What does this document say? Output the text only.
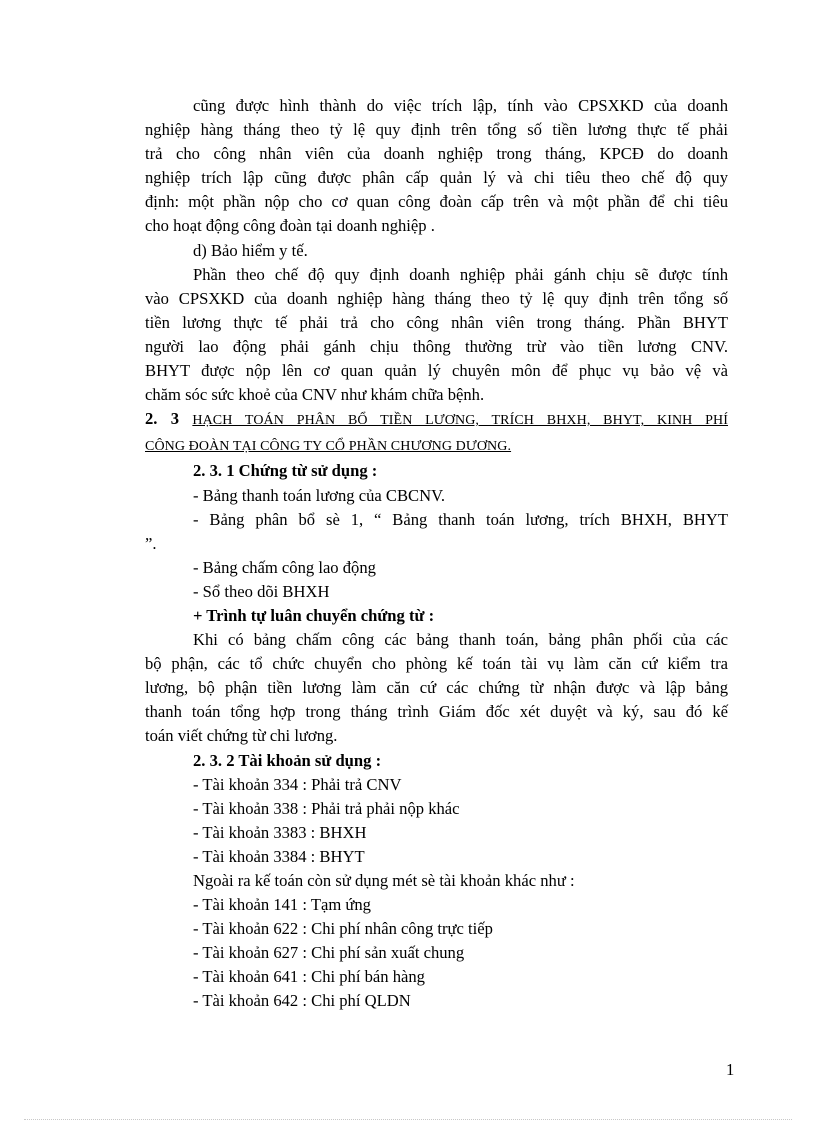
cũng được hình thành do việc trích lập, tính vào CPSXKD của doanh

nghiệp hàng tháng theo tỷ lệ quy định trên tổng số tiền lương thực tế phải

trả cho công nhân viên của doanh nghiệp trong tháng, KPCĐ do doanh

nghiệp trích lập cũng được phân cấp quản lý và chi tiêu theo chế độ quy

định: một phần nộp cho cơ quan công đoàn cấp trên và một phần để chi tiêu

cho hoạt động công đoàn tại doanh nghiệp .

d) Bảo hiểm y tế.

Phần theo chế độ quy định doanh nghiệp phải gánh chịu sẽ được tính

vào CPSXKD của doanh nghiệp hàng tháng theo tỷ lệ quy định trên tổng số

tiền lương thực tế phải trả cho công nhân viên trong tháng. Phần BHYT

người lao động phải gánh chịu thông thường trừ vào tiền lương CNV.

BHYT được nộp lên cơ quan quản lý chuyên môn để phục vụ bảo vệ và

chăm sóc sức khoẻ của CNV như khám chữa bệnh.

2. 3 HẠCH TOÁN PHÂN BỔ TIỀN LƯƠNG, TRÍCH BHXH, BHYT, KINH PHÍ

CÔNG ĐOÀN TẠI CÔNG TY CỔ PHẦN CHƯƠNG DƯƠNG.

2. 3. 1 Chứng từ sử dụng :

- Bảng thanh toán lương của CBCNV.

- Bảng phân bổ sè 1, “ Bảng thanh toán lương, trích BHXH, BHYT

”.

- Bảng chấm công lao động

- Sổ theo dõi BHXH

+ Trình tự luân chuyển chứng từ :

Khi có bảng chấm công các bảng thanh toán, bảng phân phối của các

bộ phận, các tổ chức chuyển cho phòng kế toán tài vụ làm căn cứ kiểm tra

lương, bộ phận tiền lương làm căn cứ các chứng từ nhận được và lập bảng

thanh toán tổng hợp trong tháng trình Giám đốc xét duyệt và ký, sau đó kế

toán viết chứng từ chi lương.

2. 3. 2 Tài khoản sử dụng :

- Tài khoản 334 : Phải trả CNV

- Tài khoản 338 : Phải trả phải nộp khác

- Tài khoản 3383 : BHXH

- Tài khoản 3384 : BHYT

Ngoài ra kế toán còn sử dụng mét sè tài khoản khác như :

- Tài khoản 141 : Tạm ứng

- Tài khoản 622 : Chi phí nhân công trực tiếp

- Tài khoản 627 : Chi phí sản xuất chung

- Tài khoản 641 : Chi phí bán hàng

- Tài khoản 642 : Chi phí QLDN

1
